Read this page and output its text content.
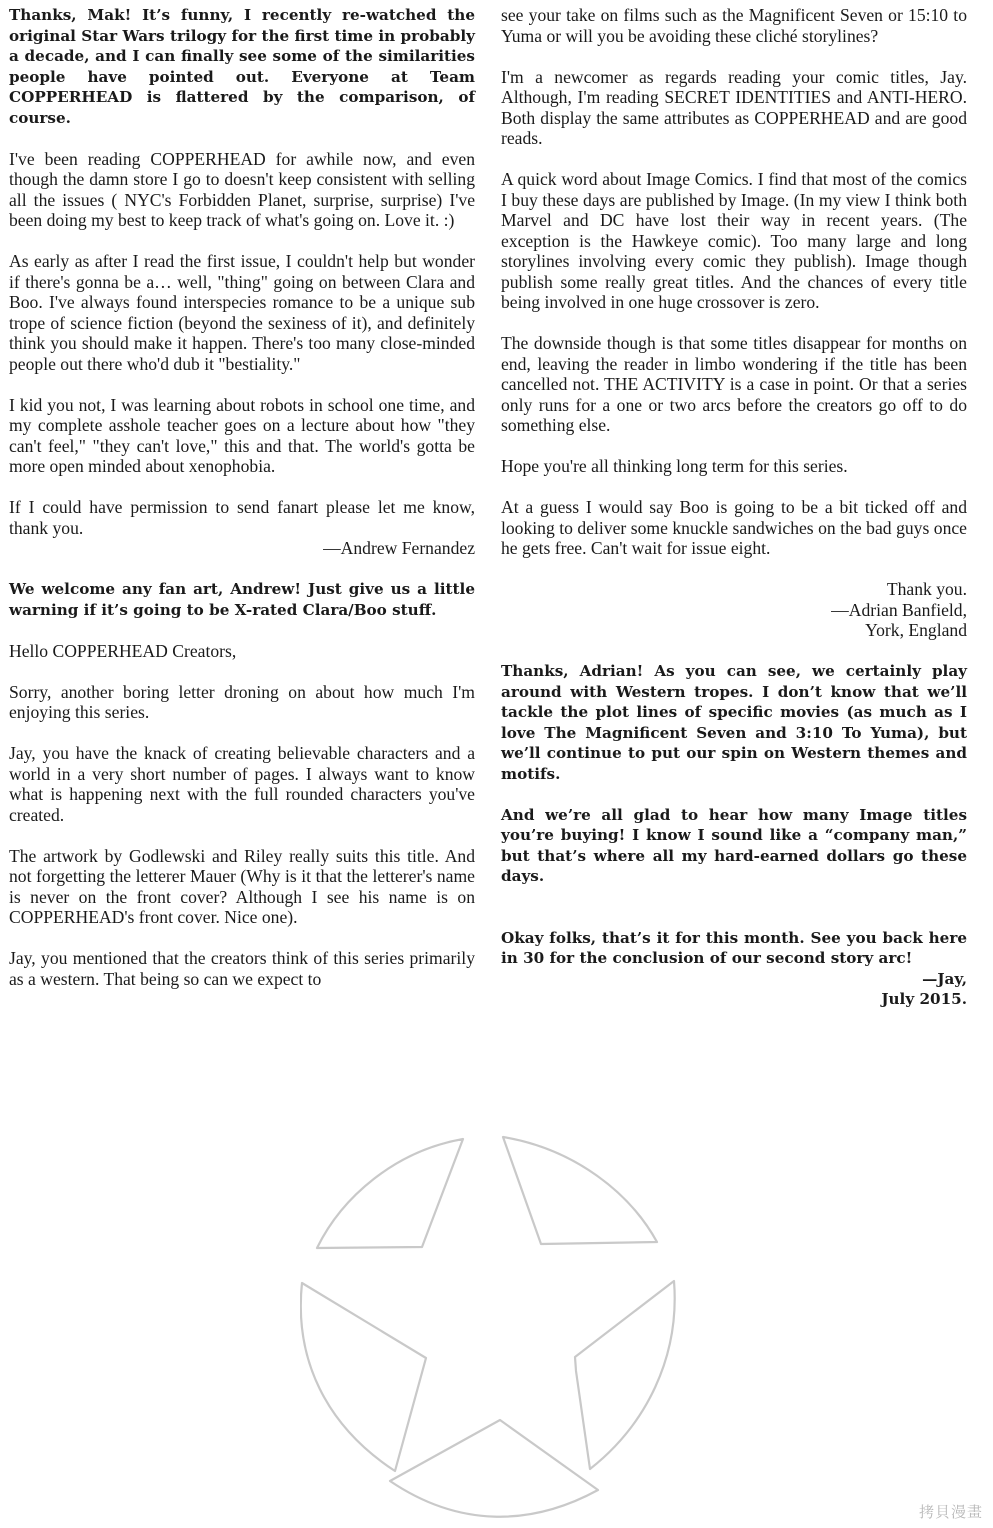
Thanks, Mak! It’s funny, I recently re-watched the original Star Wars trilogy for the first time in probably a decade, and I can finally see some of the similarities people have pointed out. Everyone at Team COPPERHEAD is flattered by the comparison, of course.

I've been reading COPPERHEAD for awhile now, and even though the damn store I go to doesn't keep consistent with selling all the issues ( NYC's Forbidden Planet, surprise, surprise) I've been doing my best to keep track of what's going on. Love it. :)

As early as after I read the first issue, I couldn't help but wonder if there's gonna be a… well, "thing" going on between Clara and Boo. I've always found interspecies romance to be a unique sub trope of science fiction (beyond the sexiness of it), and definitely think you should make it happen. There's too many close-minded people out there who'd dub it "bestiality."

I kid you not, I was learning about robots in school one time, and my complete asshole teacher goes on a lecture about how "they can't feel," "they can't love," this and that. The world's gotta be more open minded about xenophobia.

If I could have permission to send fanart please let me know, thank you.

—Andrew Fernandez

We welcome any fan art, Andrew! Just give us a little warning if it’s going to be X-rated Clara/Boo stuff.

Hello COPPERHEAD Creators,

Sorry, another boring letter droning on about how much I'm enjoying this series.

Jay, you have the knack of creating believable characters and a world in a very short number of pages. I always want to know what is happening next with the full rounded characters you've created.

The artwork by Godlewski and Riley really suits this title. And not forgetting the letterer Mauer (Why is it that the letterer's name is never on the front cover? Although I see his name is on COPPERHEAD's front cover. Nice one).

Jay, you mentioned that the creators think of this series primarily as a western. That being so can we expect to

see your take on films such as the Magnificent Seven or 15:10 to Yuma or will you be avoiding these cliché storylines?

I'm a newcomer as regards reading your comic titles, Jay. Although, I'm reading SECRET IDENTITIES and ANTI-HERO. Both display the same attributes as COPPERHEAD and are good reads.

A quick word about Image Comics. I find that most of the comics I buy these days are published by Image. (In my view I think both Marvel and DC have lost their way in recent years. (The exception is the Hawkeye comic). Too many large and long storylines involving every comic they publish). Image though publish some really great titles. And the chances of every title being involved in one huge crossover is zero.

The downside though is that some titles disappear for months on end, leaving the reader in limbo wondering if the title has been cancelled not. THE ACTIVITY is a case in point. Or that a series only runs for a one or two arcs before the creators go off to do something else.

Hope you're all thinking long term for this series.

At a guess I would say Boo is going to be a bit ticked off and looking to deliver some knuckle sandwiches on the bad guys once he gets free. Can't wait for issue eight.

Thank you.
—Adrian Banfield,
York, England

Thanks, Adrian! As you can see, we certainly play around with Western tropes. I don’t know that we’ll tackle the plot lines of specific movies (as much as I love The Magnificent Seven and 3:10 To Yuma), but we’ll continue to put our spin on Western themes and motifs.

And we’re all glad to hear how many Image titles you’re buying! I know I sound like a “company man,” but that’s where all my hard-earned dollars go these days.

Okay folks, that’s it for this month. See you back here in 30 for the conclusion of our second story arc!

—Jay,
July 2015.

拷貝漫畫
